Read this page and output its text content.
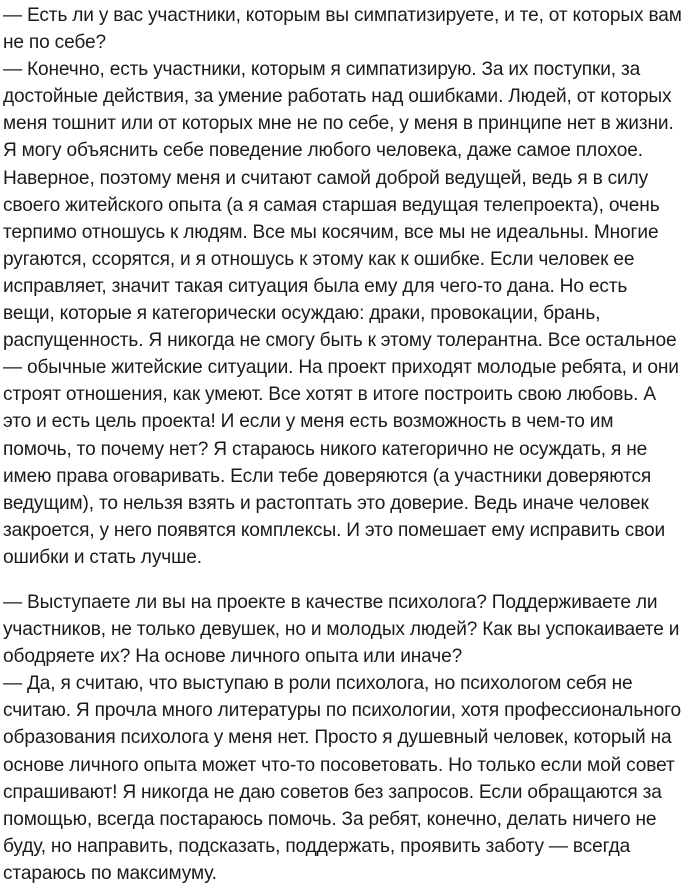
— Есть ли у вас участники, которым вы симпатизируете, и те, от которых вам не по себе?

— Конечно, есть участники, которым я симпатизирую. За их поступки, за достойные действия, за умение работать над ошибками. Людей, от которых меня тошнит или от которых мне не по себе, у меня в принципе нет в жизни. Я могу объяснить себе поведение любого человека, даже самое плохое. Наверное, поэтому меня и считают самой доброй ведущей, ведь я в силу своего житейского опыта (а я самая старшая ведущая телепроекта), очень терпимо отношусь к людям. Все мы косячим, все мы не идеальны. Многие ругаются, ссорятся, и я отношусь к этому как к ошибке. Если человек ее исправляет, значит такая ситуация была ему для чего-то дана. Но есть вещи, которые я категорически осуждаю: драки, провокации, брань, распущенность. Я никогда не смогу быть к этому толерантна. Все остальное — обычные житейские ситуации. На проект приходят молодые ребята, и они строят отношения, как умеют. Все хотят в итоге построить свою любовь. А это и есть цель проекта! И если у меня есть возможность в чем-то им помочь, то почему нет? Я стараюсь никого категорично не осуждать, я не имею права оговаривать. Если тебе доверяются (а участники доверяются ведущим), то нельзя взять и растоптать это доверие. Ведь иначе человек закроется, у него появятся комплексы. И это помешает ему исправить свои ошибки и стать лучше.

— Выступаете ли вы на проекте в качестве психолога? Поддерживаете ли участников, не только девушек, но и молодых людей? Как вы успокаиваете и ободряете их? На основе личного опыта или иначе?

— Да, я считаю, что выступаю в роли психолога, но психологом себя не считаю. Я прочла много литературы по психологии, хотя профессионального образования психолога у меня нет. Просто я душевный человек, который на основе личного опыта может что-то посоветовать. Но только если мой совет спрашивают! Я никогда не даю советов без запросов. Если обращаются за помощью, всегда постараюсь помочь. За ребят, конечно, делать ничего не буду, но направить, подсказать, поддержать, проявить заботу — всегда стараюсь по максимуму.
